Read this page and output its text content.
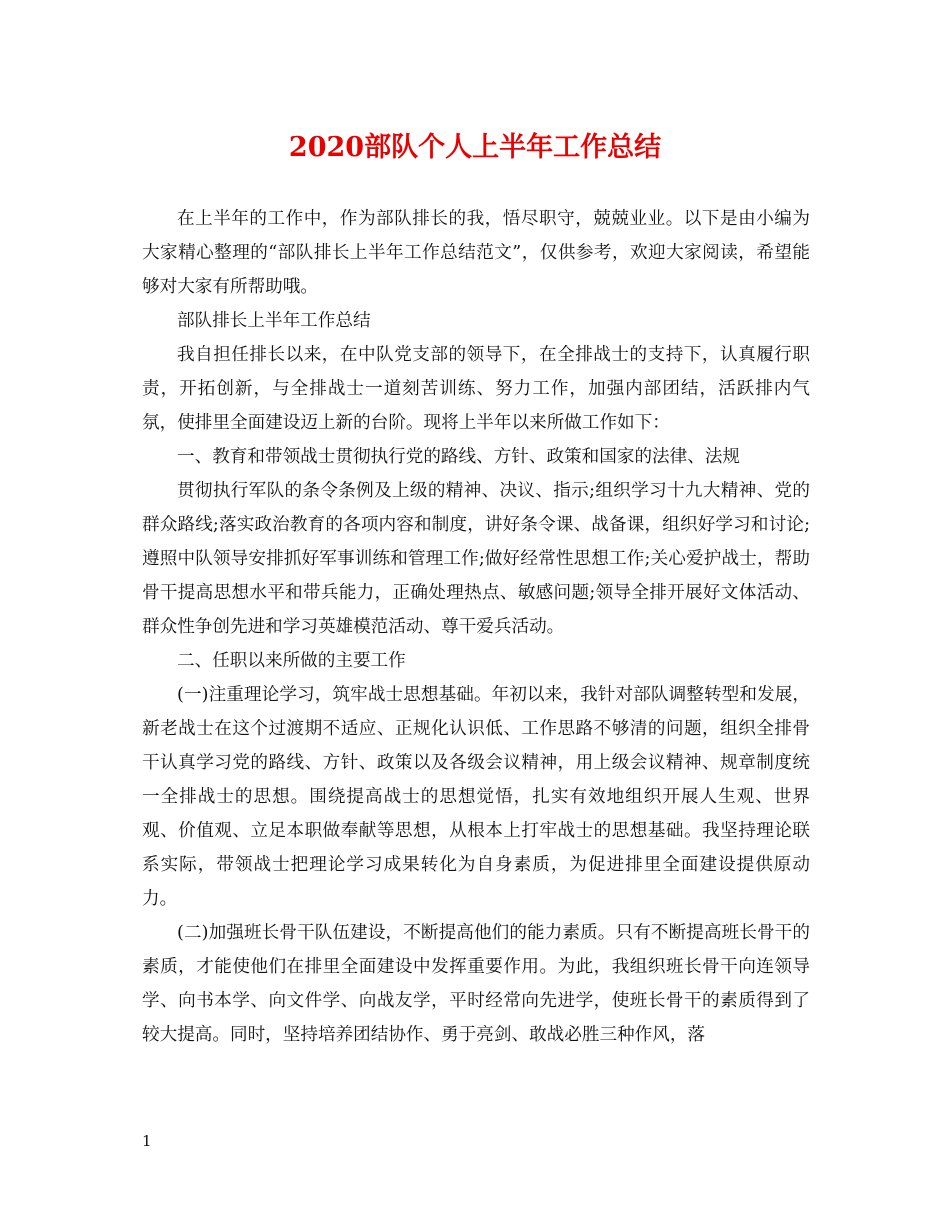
2020部队个人上半年工作总结

在上半年的工作中，作为部队排长的我，悟尽职守，兢兢业业。以下是由小编为大家精心整理的“部队排长上半年工作总结范文”，仅供参考，欢迎大家阅读，希望能够对大家有所帮助哦。

部队排长上半年工作总结

我自担任排长以来，在中队党支部的领导下，在全排战士的支持下，认真履行职责，开拓创新，与全排战士一道刻苦训练、努力工作，加强内部团结，活跃排内气氛，使排里全面建设迈上新的台阶。现将上半年以来所做工作如下：

一、教育和带领战士贯彻执行党的路线、方针、政策和国家的法律、法规

贯彻执行军队的条令条例及上级的精神、决议、指示;组织学习十九大精神、党的群众路线;落实政治教育的各项内容和制度，讲好条令课、战备课，组织好学习和讨论;遵照中队领导安排抓好军事训练和管理工作;做好经常性思想工作;关心爱护战士，帮助骨干提高思想水平和带兵能力，正确处理热点、敏感问题;领导全排开展好文体活动、群众性争创先进和学习英雄模范活动、尊干爱兵活动。

二、任职以来所做的主要工作

(一)注重理论学习，筑牢战士思想基础。年初以来，我针对部队调整转型和发展，新老战士在这个过渡期不适应、正规化认识低、工作思路不够清的问题，组织全排骨干认真学习党的路线、方针、政策以及各级会议精神，用上级会议精神、规章制度统一全排战士的思想。围绕提高战士的思想觉悟，扎实有效地组织开展人生观、世界观、价值观、立足本职做奉献等思想，从根本上打牢战士的思想基础。我坚持理论联系实际，带领战士把理论学习成果转化为自身素质，为促进排里全面建设提供原动力。

(二)加强班长骨干队伍建设，不断提高他们的能力素质。只有不断提高班长骨干的素质，才能使他们在排里全面建设中发挥重要作用。为此，我组织班长骨干向连领导学、向书本学、向文件学、向战友学，平时经常向先进学，使班长骨干的素质得到了较大提高。同时，坚持培养团结协作、勇于亮剑、敢战必胜三种作风，落

1
